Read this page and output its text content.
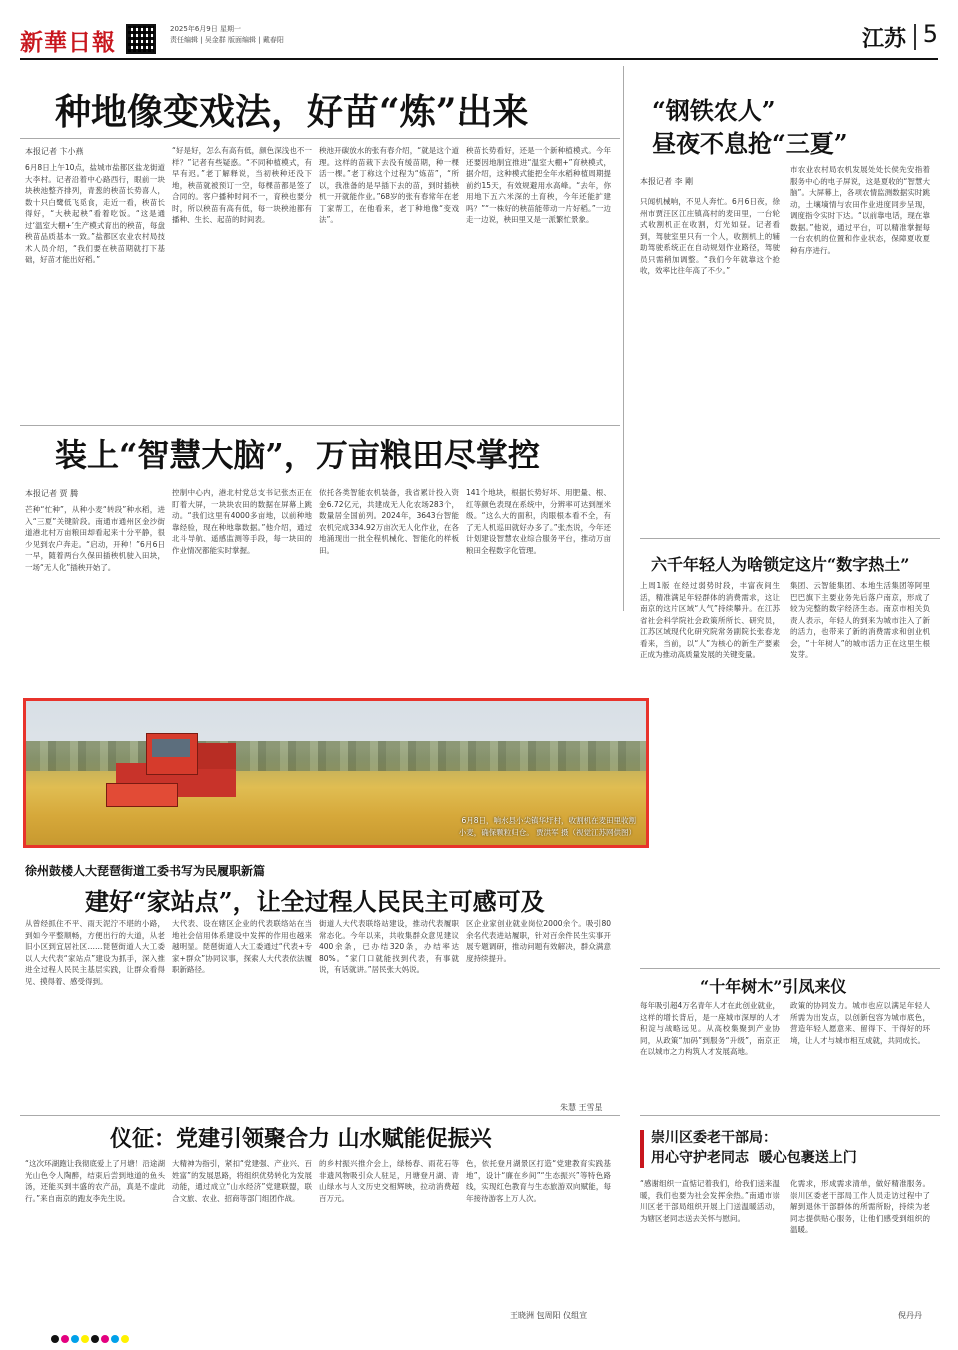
新華日報	2025年6月9日 星期一
责任编辑 | 吴金群 版面编辑 | 戴春阳	江苏 5
种地像变戏法，好苗“炼”出来
本报记者 卞小燕
6月8日上午10点，盐城市盐都区盐龙街道大李村。记者沿着中心路西行，眼前一块块秧池整齐排列，青葱的秧苗长势喜人，数十只白鹭低飞觅食，走近一看，秧苗长得好，“大秧起秧”看着吃饭。“这是通过‘温室大棚+’生产模式育出的秧苗，每盘秧苗品质基本一致。”盐都区农业农村局技术人员介绍，“我们要在秧苗期就打下基础，好苗才能出好稻。”
“好是好，怎么有高有低，颜色深浅也不一样？”记者有些疑惑。“不同种植模式，有早有迟。”老丁解释说，当初秧种还没下地，秧苗就被预订一空，每棵苗都是签了合同的。客户播种时间不一，育秧也要分时，所以秧苗有高有低，每一块秧池都有播种、生长、起苗的时间表。
秧池开碳放水的张有春介绍，“就是这个道理。这样的苗栽下去没有缓苗期，种一棵活一棵。”老丁称这个过程为“炼苗”，“所以，我准备的是早插下去的苗，到时插秧机一开就能作业。”68岁的张有春常年在老丁家帮工，在他看来，老丁种地像“变戏法”。
秧苗长势看好，还是一个新种植模式。今年还要因地制宜推进“温室大棚+”育秧模式，据介绍，这种模式能把全年水稻种植周期提前约15天，有效规避用水高峰。“去年，你用地下五六米深的土育秧，今年还能扩建吗？”“一株好的秧苗能带动一片好稻。”一边走一边说，秧田里又是一派繁忙景象。
“钢铁农人”
昼夜不息抢“三夏”
本报记者 李 剛
只闻机械响，不见人奔忙。6月6日夜，徐州市贾汪区江庄镇高村的麦田里，一台轮式收割机正在收割，灯光如昼。记者看到，驾驶室里只有一个人，收割机上的辅助驾驶系统正在自动规划作业路径，驾驶员只需稍加调整。“我们今年就靠这个抢收，效率比往年高了不少。”
市农业农村局农机发展处处长侯先安指着服务中心的电子屏说，这是夏收的“智慧大脑”。大屏幕上，各项农情监测数据实时跳动，土壤墒情与农田作业进度同步呈现，调度指令实时下达。“以前靠电话，现在靠数据。”他说，通过平台，可以精准掌握每一台农机的位置和作业状态，保障夏收夏种有序进行。
装上“智慧大脑”，万亩粮田尽掌控
本报记者 贾 腾
芒种“忙种”，从种小麦“转段”种水稻，进入“三夏”关键阶段。南通市通州区金沙街道港北村万亩粮田却看起来十分平静，很少见到农户奔走。“启动，开种！”6月6日一早，随着两台久保田插秧机驶入田块，一场“无人化”插秧开始了。
控制中心内，港北村党总支书记张杰正在盯着大屏，一块块农田的数据在屏幕上跳动。“我们这里有4000多亩地，以前种地靠经验，现在种地靠数据。”他介绍，通过北斗导航、遥感监测等手段，每一块田的作业情况都能实时掌握。
依托各类智能农机装备，我省累计投入资金6.72亿元，共建成无人化农场283个，数量居全国前列。2024年，3643台智能农机完成334.92万亩次无人化作业，在各地涌现出一批全程机械化、智能化的样板田。
141个地块，根据长势好坏、用肥量、根、红等颜色表现在系统中，分辨率可达到厘米级。“这么大的面积，肉眼根本看不全，有了无人机巡田就好办多了。”张杰说，今年还计划建设智慧农业综合服务平台，推动万亩粮田全程数字化管理。
6月8日，响水县小尖镇华圩村，收割机在麦田里收割
小麦，确保颗粒归仓。 贾洪军 摄（视觉江苏网供图）
六千年轻人为啥锁定这片“数字热土”
上周1版 在经过弱势时段，丰富夜间生活，精准满足年轻群体的消费需求，这让南京的这片区域“人气”持续攀升。在江苏省社会科学院社会政策所所长、研究员，江苏区域现代化研究院常务副院长张春龙看来，当前，以“人”为核心的新生产要素正成为推动高质量发展的关键变量。
集团、云智能集团、本地生活集团等阿里巴巴旗下主要业务先后落户南京，形成了较为完整的数字经济生态。南京市相关负责人表示，年轻人的到来为城市注入了新的活力，也带来了新的消费需求和创业机会，“十年树人”的城市活力正在这里生根发芽。
徐州鼓楼人大琵琶街道工委书写为民履职新篇
建好“家站点”，让全过程人民民主可感可及
从曾经抓住不平、雨天泥泞不堪的小路，到如今平整顺畅，方便出行的大道，从老旧小区到宜居社区……琵琶街道人大工委以人大代表“家站点”建设为抓手，深入推进全过程人民民主基层实践，让群众看得见、摸得着、感受得到。
大代表、设在辖区企业的代表联络站在当地社会信用体系建设中发挥的作用也越来越明显。琵琶街道人大工委通过“代表+专家+群众”协同议事，探索人大代表依法履职新路径。
街道人大代表联络站建设，推动代表履职常态化。今年以来，共收集群众意见建议400余条，已办结320条，办结率达80%。“家门口就能找到代表，有事就说，有话就讲。”居民张大妈说。
区企业家创业就业岗位2000余个。吸引80余名代表进站履职，针对百余件民生实事开展专题调研，推动问题有效解决，群众满意度持续提升。
朱慧 王雪星
“十年树木”引凤来仪
每年吸引超4万名青年人才在此创业就业，这样的增长背后，是一座城市深厚的人才积淀与战略远见。从高校集聚到产业协同，从政策“加码”到服务“升级”，南京正在以城市之力构筑人才发展高地。
政策的协同发力。城市也应以满足年轻人所需为出发点，以创新包容为城市底色，营造年轻人愿意来、留得下、干得好的环境，让人才与城市相互成就，共同成长。
仪征：党建引领聚合力 山水赋能促振兴
“这次环湖跑让我彻底爱上了月塘！沿途湖光山色令人陶醉，结束后尝到地道的鱼头汤，还能买到丰盛的农产品，真是不虚此行。”来自南京的跑友李先生说。
大精神为指引，紧扣“党建强、产业兴、百姓富”的发展思路，将组织优势转化为发展动能，通过成立“山水经济”党建联盟，联合文旅、农业、招商等部门组团作战。
的乡村振兴推介会上，绿杨春、雨花石等非遗风物吸引众人驻足，月塘登月湖、青山绿水与人文历史交相辉映，拉动消费超百万元。
色，依托登月湖景区打造“党建教育实践基地”，设计“廉在乡间”“生态振兴”等特色路线，实现红色教育与生态旅游双向赋能，每年接待游客上万人次。
王晓洲 包周阳 仪组宣
崇川区委老干部局：
用心守护老同志  暖心包裹送上门
“感谢组织一直惦记着我们，给我们送来温暖，我们也要为社会发挥余热。”南通市崇川区老干部局组织开展上门送温暖活动，为辖区老同志送去关怀与慰问。
化需求，形成需求清单，做好精准服务。崇川区委老干部局工作人员走访过程中了解到退休干部群体的所需所盼，持续为老同志提供贴心服务，让他们感受到组织的温暖。
倪丹丹
